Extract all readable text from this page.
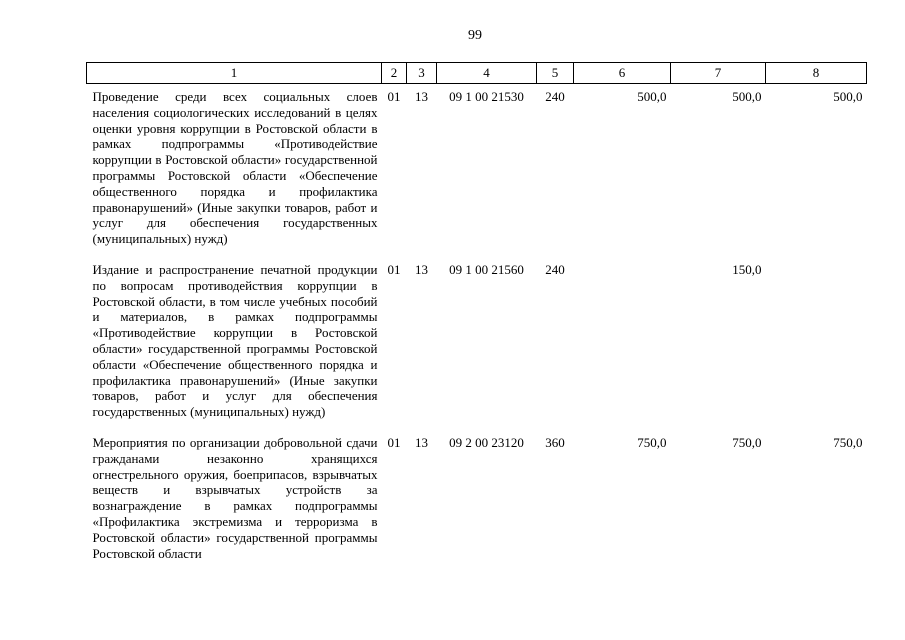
99
1	2	3	4	5	6	7	8
Проведение среди всех социальных слоев населения социологических исследований в целях оценки уровня коррупции в Ростовской области в рамках подпрограммы «Противодействие коррупции в Ростовской области» государственной программы Ростовской области «Обеспечение общественного порядка и профилактика правонарушений» (Иные закупки товаров, работ и услуг для обеспечения государственных (муниципальных) нужд)	01	13	09 1 00 21530	240	500,0	500,0	500,0
Издание и распространение печатной продукции по вопросам противодействия коррупции в Ростовской области, в том числе учебных пособий и материалов, в рамках подпрограммы «Противодействие коррупции в Ростовской области» государственной программы Ростовской области «Обеспечение общественного порядка и профилактика правонарушений» (Иные закупки товаров, работ и услуг для обеспечения государственных (муниципальных) нужд)	01	13	09 1 00 21560	240		150,0	
Мероприятия по организации добровольной сдачи гражданами незаконно хранящихся огнестрельного оружия, боеприпасов, взрывчатых веществ и взрывчатых устройств за вознаграждение в рамках подпрограммы «Профилактика экстремизма и терроризма в Ростовской области» государственной программы Ростовской области	01	13	09 2 00 23120	360	750,0	750,0	750,0
